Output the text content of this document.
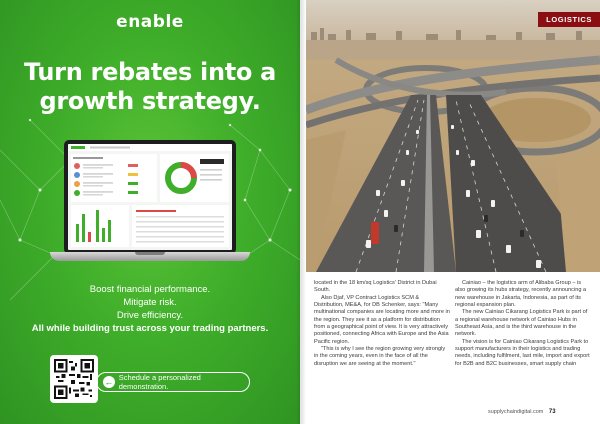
enable
Turn rebates into a
growth strategy.
Boost financial performance.
Mitigate risk.
Drive efficiency.
All while building trust across your trading partners.
← Schedule a personalized demonstration.
LOGISTICS

located in the 18 km/sq Logistics' District in Dubai South.

Also Djaf, VP Contract Logistics SCM & Distribution, ME&A, for DB Schenker, says: "Many multinational companies are locating more and more in the region. They see it as a platform for distribution from a geographical point of view. It is very attractively positioned, connecting Africa with Europe and the Asia Pacific region.

"This is why I see the region growing very strongly in the coming years, even in the face of all the disruption we are seeing at the moment."

Cainiao – the logistics arm of Alibaba Group – is also growing its hubs strategy, recently announcing a new warehouse in Jakarta, Indonesia, as part of its regional expansion plan.

The new Cainiao Cikarang Logistics Park is part of a regional warehouse network of Cainiao Hubs in Southeast Asia, and is the third warehouse in the network.

The vision is for Cainiao Cikarang Logistics Park to support manufacturers in their logistics and trading needs, including fulfilment, last mile, import and export for B2B and B2C businesses, smart supply chain

supplychaindigital.com 73
